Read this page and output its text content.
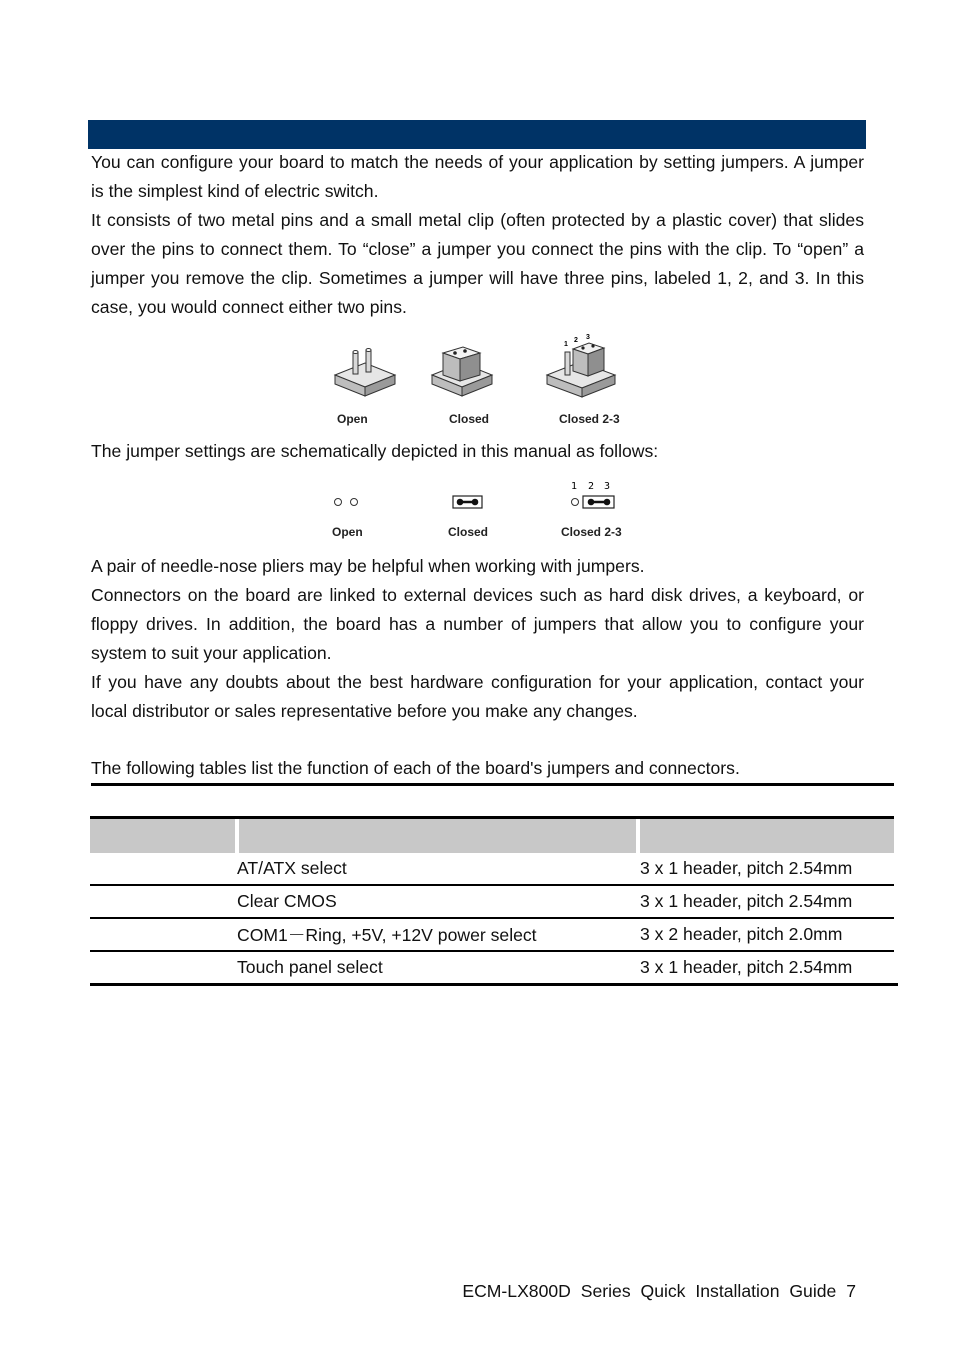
You can configure your board to match the needs of your application by setting jumpers. A jumper is the simplest kind of electric switch.

It consists of two metal pins and a small metal clip (often protected by a plastic cover) that slides over the pins to connect them. To “close” a jumper you connect the pins with the clip. To “open” a jumper you remove the clip. Sometimes a jumper will have three pins, labeled 1, 2, and 3. In this case, you would connect either two pins.

1
2 3
Open	Closed	Closed 2-3

The jumper settings are schematically depicted in this manual as follows:

1 2 3
Open	Closed	Closed 2-3

A pair of needle-nose pliers may be helpful when working with jumpers.

Connectors on the board are linked to external devices such as hard disk drives, a keyboard, or floppy drives. In addition, the board has a number of jumpers that allow you to configure your system to suit your application.

If you have any doubts about the best hardware configuration for your application, contact your local distributor or sales representative before you make any changes.

The following tables list the function of each of the board's jumpers and connectors.

AT/ATX select	3 x 1 header, pitch 2.54mm
Clear CMOS	3 x 1 header, pitch 2.54mm
COM1－Ring, +5V, +12V power select	3 x 2 header, pitch 2.0mm
Touch panel select	3 x 1 header, pitch 2.54mm
ECM-LX800D Series Quick Installation Guide 7
